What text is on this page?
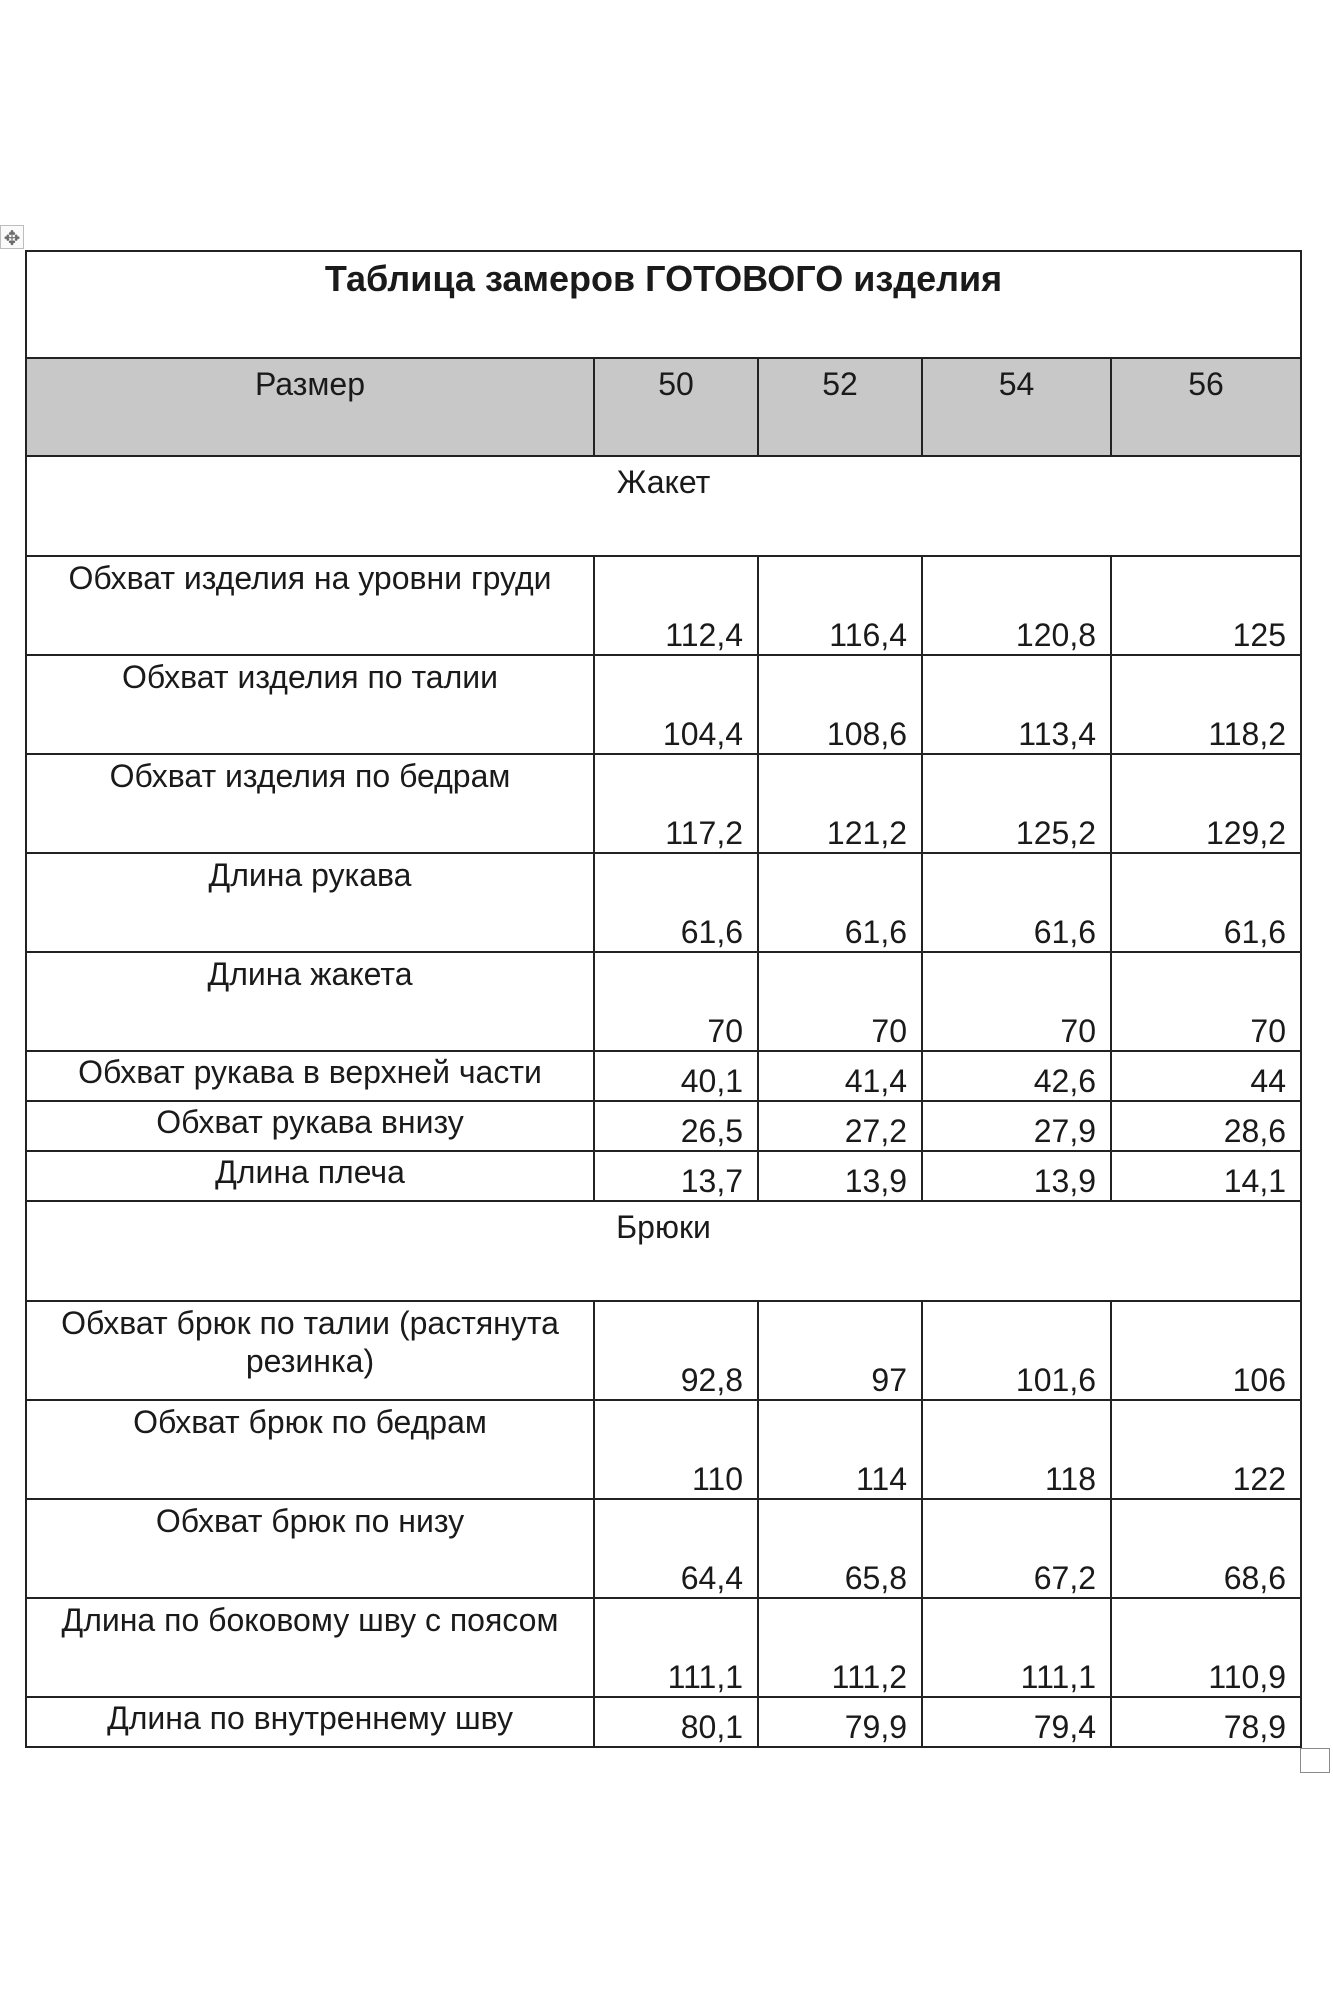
✥
Таблица замеров ГОТОВОГО изделия				
Размер	50	52	54	56
Жакет				
Обхват изделия на уровни груди	112,4	116,4	120,8	125
Обхват изделия по талии	104,4	108,6	113,4	118,2
Обхват изделия по бедрам	117,2	121,2	125,2	129,2
Длина рукава	61,6	61,6	61,6	61,6
Длина жакета	70	70	70	70
Обхват рукава в верхней части	40,1	41,4	42,6	44
Обхват рукава внизу	26,5	27,2	27,9	28,6
Длина плеча	13,7	13,9	13,9	14,1
Брюки				
Обхват брюк по талии (растянута резинка)	92,8	97	101,6	106
Обхват брюк по бедрам	110	114	118	122
Обхват брюк по низу	64,4	65,8	67,2	68,6
Длина по боковому шву с поясом	111,1	111,2	111,1	110,9
Длина по внутреннему шву	80,1	79,9	79,4	78,9
